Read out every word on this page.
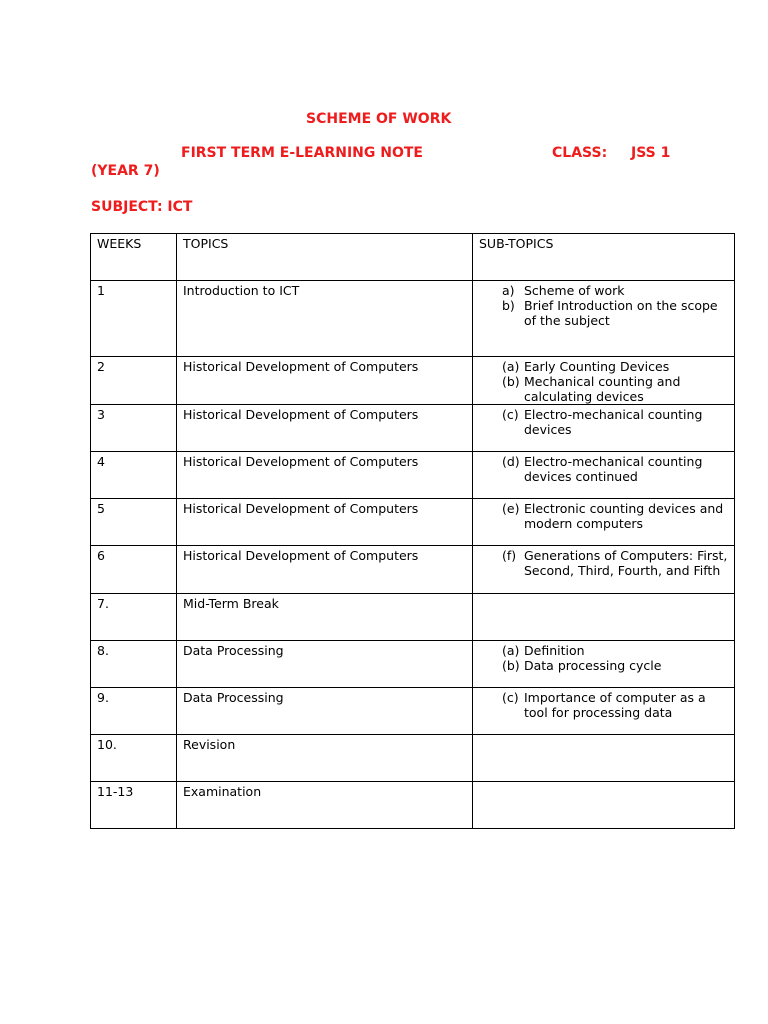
SCHEME OF WORK
FIRST TERM E-LEARNING NOTE	CLASS: JSS 1
(YEAR 7)
SUBJECT: ICT
WEEKS	TOPICS	SUB-TOPICS
1	Introduction to ICT	a) Scheme of work
b) Brief Introduction on the scope of the subject

2	Historical Development of Computers	(a) Early Counting Devices
(b) Mechanical counting and calculating devices

3	Historical Development of Computers	(c) Electro-mechanical counting devices

4	Historical Development of Computers	(d) Electro-mechanical counting devices continued

5	Historical Development of Computers	(e) Electronic counting devices and modern computers

6	Historical Development of Computers	(f) Generations of Computers: First, Second, Third, Fourth, and Fifth

7.	Mid-Term Break	
8.	Data Processing	(a) Definition
(b) Data processing cycle

9.	Data Processing	(c) Importance of computer as a tool for processing data

10.	Revision	
11-13	Examination	
